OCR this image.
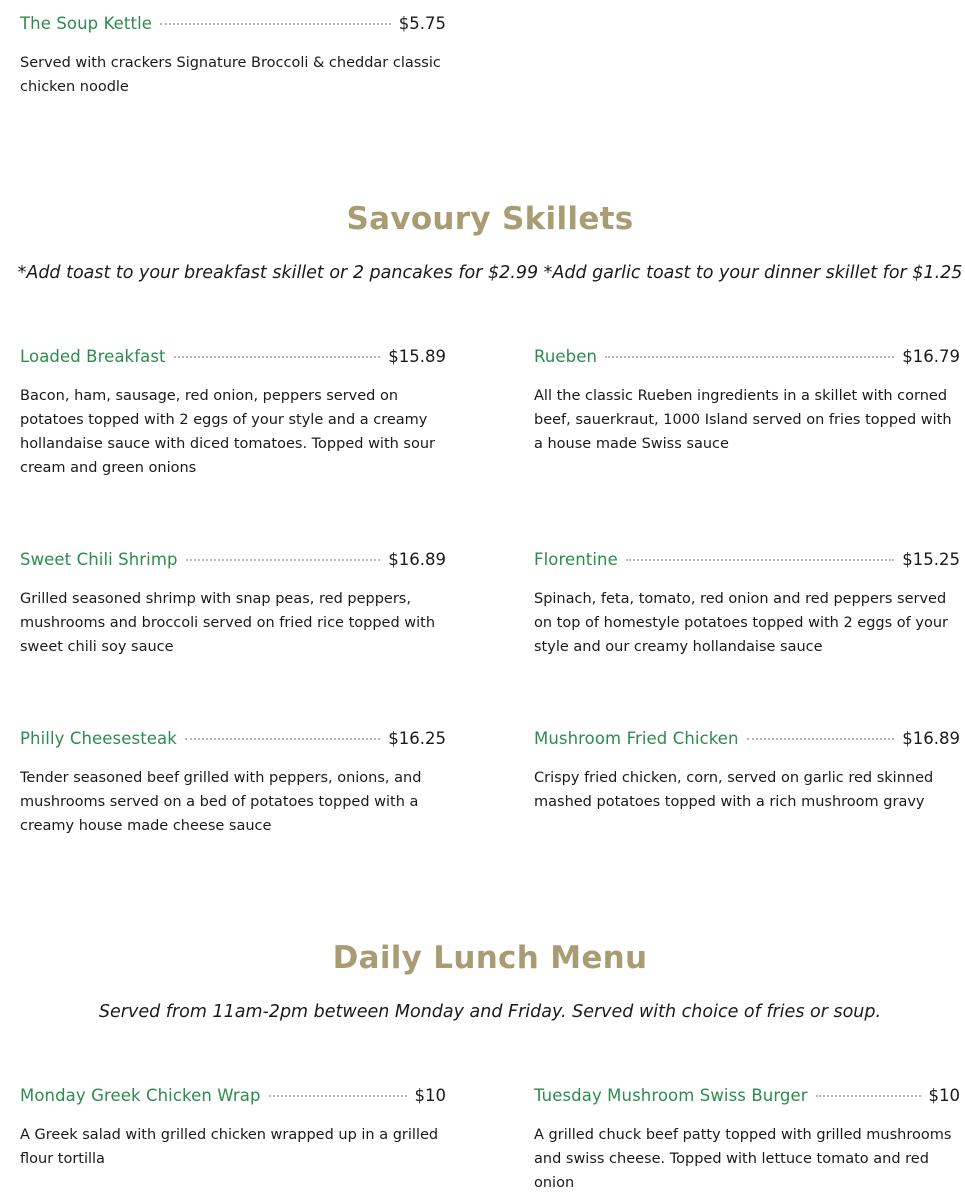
The Soup Kettle	$5.75
Served with crackers Signature Broccoli & cheddar classic chicken noodle
Savoury Skillets
*Add toast to your breakfast skillet or 2 pancakes for $2.99 *Add garlic toast to your dinner skillet for $1.25
Loaded Breakfast	$15.89
Bacon, ham, sausage, red onion, peppers served on potatoes topped with 2 eggs of your style and a creamy hollandaise sauce with diced tomatoes. Topped with sour cream and green onions
Rueben	$16.79
All the classic Rueben ingredients in a skillet with corned beef, sauerkraut, 1000 Island served on fries topped with a house made Swiss sauce
Sweet Chili Shrimp	$16.89
Grilled seasoned shrimp with snap peas, red peppers, mushrooms and broccoli served on fried rice topped with sweet chili soy sauce
Florentine	$15.25
Spinach, feta, tomato, red onion and red peppers served on top of homestyle potatoes topped with 2 eggs of your style and our creamy hollandaise sauce
Philly Cheesesteak	$16.25
Tender seasoned beef grilled with peppers, onions, and mushrooms served on a bed of potatoes topped with a creamy house made cheese sauce
Mushroom Fried Chicken	$16.89
Crispy fried chicken, corn, served on garlic red skinned mashed potatoes topped with a rich mushroom gravy
Daily Lunch Menu
Served from 11am-2pm between Monday and Friday. Served with choice of fries or soup.
Monday Greek Chicken Wrap	$10
A Greek salad with grilled chicken wrapped up in a grilled flour tortilla
Tuesday Mushroom Swiss Burger	$10
A grilled chuck beef patty topped with grilled mushrooms and swiss cheese. Topped with lettuce tomato and red onion
